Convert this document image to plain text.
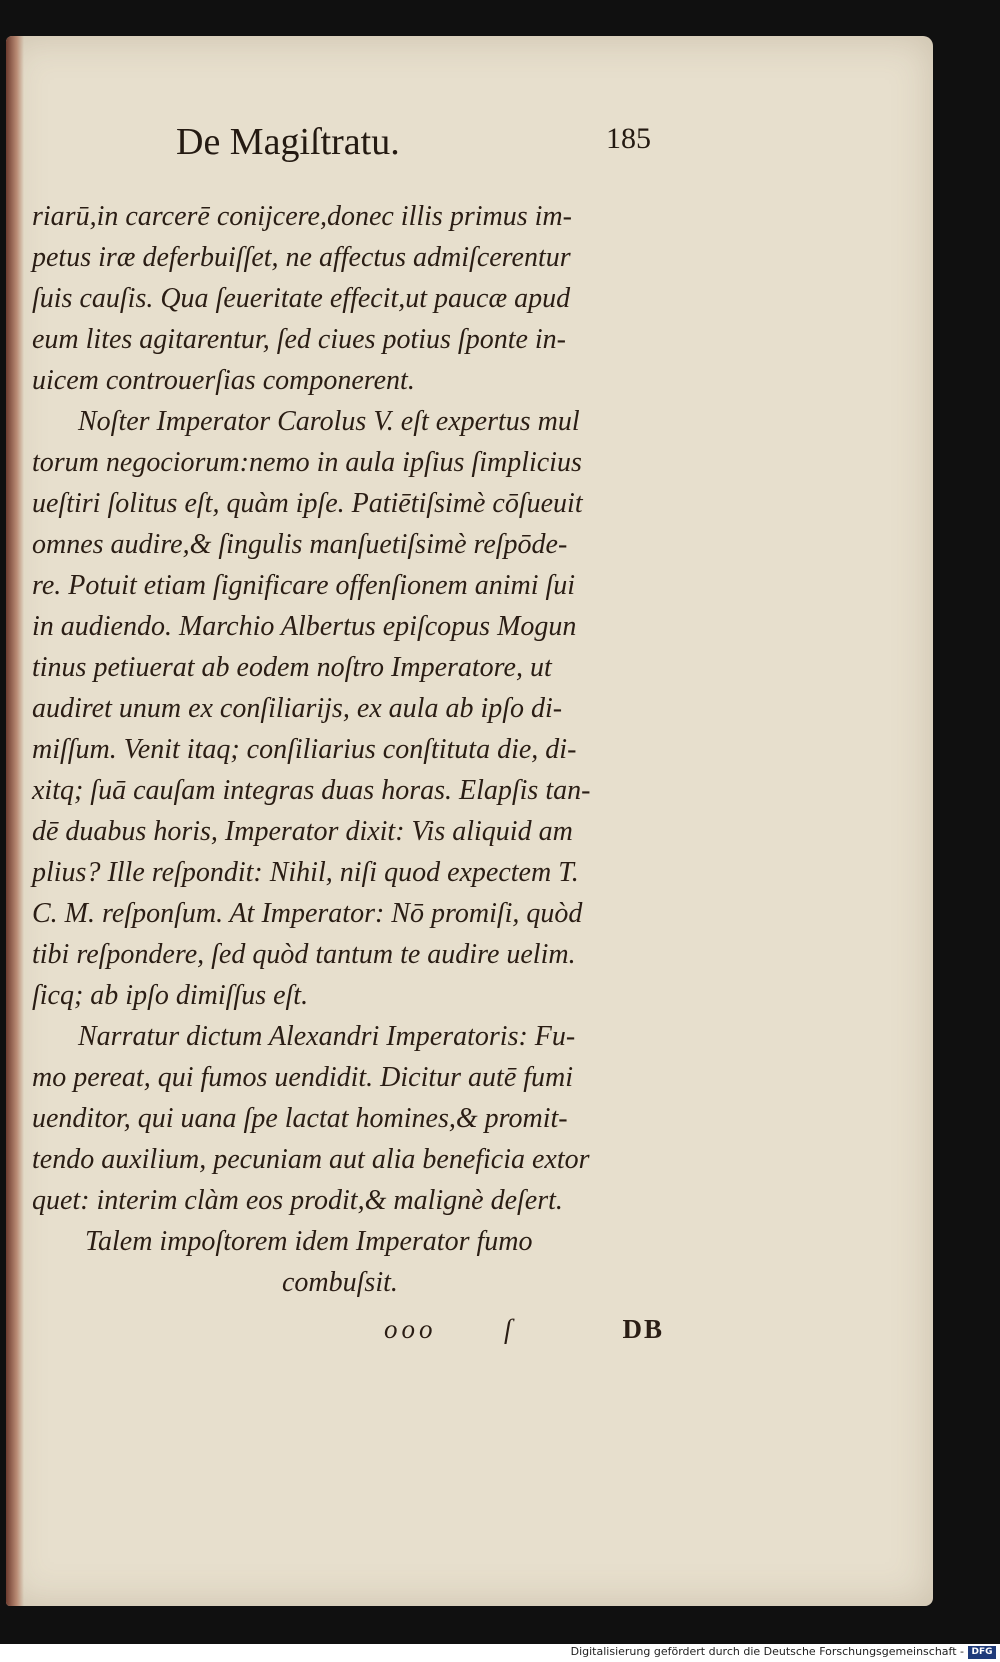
De Magiſtratu.	185
riarū,in carcerē conijcere,donec illis primus im-
petus iræ deferbuiſſet, ne affectus admiſcerentur
ſuis cauſis. Qua ſeueritate effecit,ut paucæ apud
eum lites agitarentur, ſed ciues potius ſponte in-
uicem controuerſias componerent.
Noſter Imperator Carolus V. eſt expertus mul
torum negociorum:nemo in aula ipſius ſimplicius
ueſtiri ſolitus eſt, quàm ipſe. Patiētiſsimè cōſueuit
omnes audire,& ſingulis manſuetiſsimè reſpōde-
re. Potuit etiam ſignificare offenſionem animi ſui
in audiendo. Marchio Albertus epiſcopus Mogun
tinus petiuerat ab eodem noſtro Imperatore, ut
audiret unum ex conſiliarijs, ex aula ab ipſo di-
miſſum. Venit itaq; conſiliarius conſtituta die, di-
xitq; ſuā cauſam integras duas horas. Elapſis tan-
dē duabus horis, Imperator dixit: Vis aliquid am
plius? Ille reſpondit: Nihil, niſi quod expectem T.
C. M. reſponſum. At Imperator: Nō promiſi, quòd
tibi reſpondere, ſed quòd tantum te audire uelim.
ſicq; ab ipſo dimiſſus eſt.
Narratur dictum Alexandri Imperatoris: Fu-
mo pereat, qui fumos uendidit. Dicitur autē fumi
uenditor, qui uana ſpe lactat homines,& promit-
tendo auxilium, pecuniam aut alia beneficia extor
quet: interim clàm eos prodit,& malignè deſert.
Talem impoſtorem idem Imperator fumo
combuſsit.
ooo	ſ	DB
Digitalisierung gefördert durch die Deutsche Forschungsgemeinschaft - DFG
